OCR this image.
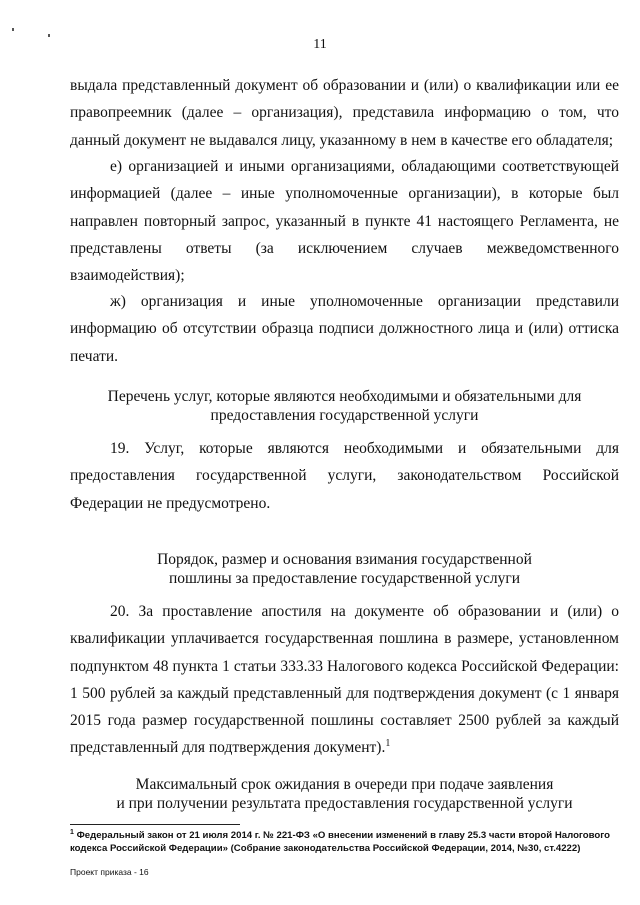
11

выдала представленный документ об образовании и (или) о квалификации или ее правопреемник (далее – организация), представила информацию о том, что данный документ не выдавался лицу, указанному в нем в качестве его обладателя;

е) организацией и иными организациями, обладающими соответствующей информацией (далее – иные уполномоченные организации), в которые был направлен повторный запрос, указанный в пункте 41 настоящего Регламента, не представлены ответы (за исключением случаев межведомственного взаимодействия);

ж) организация и иные уполномоченные организации представили информацию об отсутствии образца подписи должностного лица и (или) оттиска печати.

Перечень услуг, которые являются необходимыми и обязательными для
предоставления государственной услуги

19. Услуг, которые являются необходимыми и обязательными для предоставления государственной услуги, законодательством Российской Федерации не предусмотрено.

Порядок, размер и основания взимания государственной
пошлины за предоставление государственной услуги

20. За проставление апостиля на документе об образовании и (или) о квалификации уплачивается государственная пошлина в размере, установленном подпунктом 48 пункта 1 статьи 333.33 Налогового кодекса Российской Федерации: 1 500 рублей за каждый представленный для подтверждения документ (с 1 января 2015 года размер государственной пошлины составляет 2500 рублей за каждый представленный для подтверждения документ).$^1$

Максимальный срок ожидания в очереди при подаче заявления
и при получении результата предоставления государственной услуги
$^1$ Федеральный закон от 21 июля 2014 г. № 221-ФЗ «О внесении изменений в главу 25.3 части второй Налогового кодекса Российской Федерации» (Собрание законодательства Российской Федерации, 2014, №30, ст.4222)
Проект приказа - 16
